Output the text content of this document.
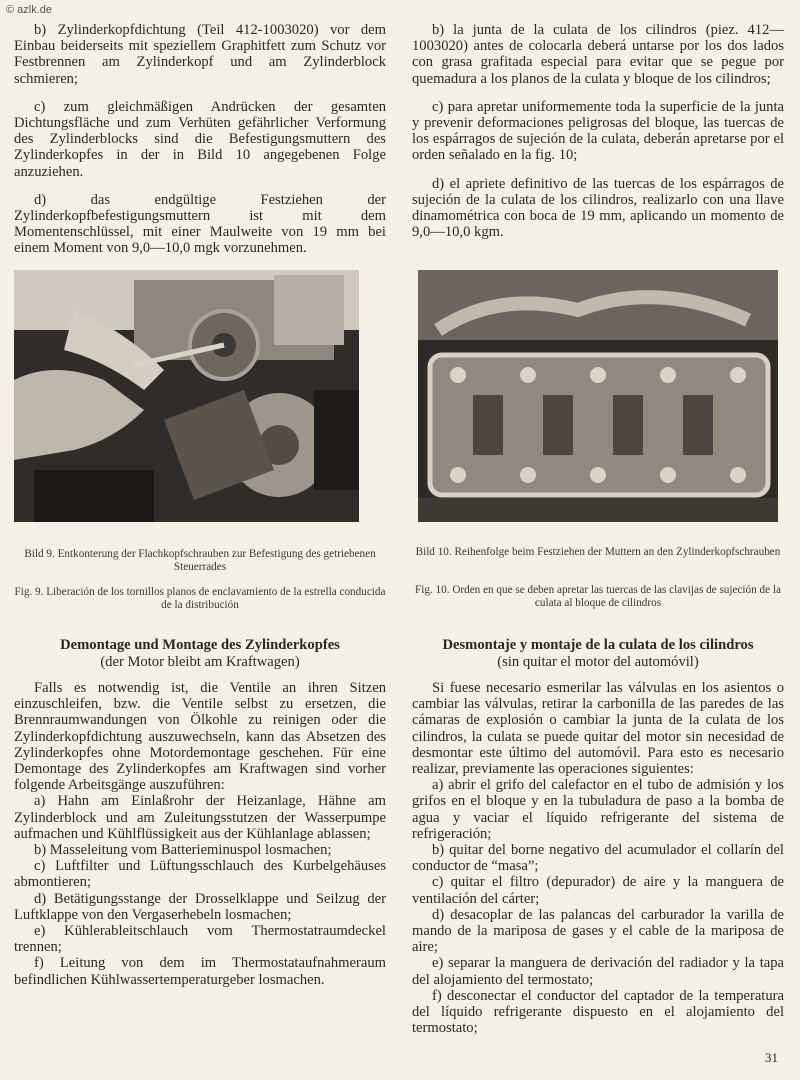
© azlk.de

b) Zylinderkopfdichtung (Teil 412-1003020) vor dem Einbau beiderseits mit speziellem Graphitfett zum Schutz vor Festbrennen am Zylinderkopf und am Zylinderblock schmieren;

c) zum gleichmäßigen Andrücken der gesamten Dichtungsfläche und zum Verhüten gefährlicher Verformung des Zylinderblocks sind die Befestigungsmuttern des Zylinderkopfes in der in Bild 10 angegebenen Folge anzuziehen.

d) das endgültige Festziehen der Zylinderkopfbefestigungsmuttern ist mit dem Momentenschlüssel, mit einer Maulweite von 19 mm bei einem Moment von 9,0—10,0 mgk vorzunehmen.

b) la junta de la culata de los cilindros (piez. 412—1003020) antes de colocarla deberá untarse por los dos lados con grasa grafitada especial para evitar que se pegue por quemadura a los planos de la culata y bloque de los cilindros;

c) para apretar uniformemente toda la superficie de la junta y prevenir deformaciones peligrosas del bloque, las tuercas de los espárragos de sujeción de la culata, deberán apretarse por el orden señalado en la fig. 10;

d) el apriete definitivo de las tuercas de los espárragos de sujeción de la culata de los cilindros, realizarlo con una llave dinamométrica con boca de 19 mm, aplicando un momento de 9,0—10,0 kgm.

Bild 9. Entkonterung der Flachkopfschrauben zur Befestigung des getriebenen Steuerrades
Fig. 9. Liberación de los tornillos planos de enclavamiento de la estrella conducida de la distribución
Bild 10. Reihenfolge beim Festziehen der Muttern an den Zylinderkopfschrauben
Fig. 10. Orden en que se deben apretar las tuercas de las clavijas de sujeción de la culata al bloque de cilindros
Demontage und Montage des Zylinderkopfes
(der Motor bleibt am Kraftwagen)
Desmontaje y montaje de la culata de los cilindros
(sin quitar el motor del automóvil)

Falls es notwendig ist, die Ventile an ihren Sitzen einzuschleifen, bzw. die Ventile selbst zu ersetzen, die Brennraumwandungen von Ölkohle zu reinigen oder die Zylinderkopfdichtung auszuwechseln, kann das Absetzen des Zylinderkopfes ohne Motordemontage geschehen. Für eine Demontage des Zylinderkopfes am Kraftwagen sind vorher folgende Arbeitsgänge auszuführen:

a) Hahn am Einlaßrohr der Heizanlage, Hähne am Zylinderblock und am Zuleitungsstutzen der Wasserpumpe aufmachen und Kühlflüssigkeit aus der Kühlanlage ablassen;

b) Masseleitung vom Batterieminuspol losmachen;

c) Luftfilter und Lüftungsschlauch des Kurbelgehäuses abmontieren;

d) Betätigungsstange der Drosselklappe und Seilzug der Luftklappe von den Vergaserhebeln losmachen;

e) Kühlerableitschlauch vom Thermostatraumdeckel trennen;

f) Leitung von dem im Thermostataufnahmeraum befindlichen Kühlwassertemperaturgeber losmachen.

Si fuese necesario esmerilar las válvulas en los asientos o cambiar las válvulas, retirar la carbonilla de las paredes de las cámaras de explosión o cambiar la junta de la culata de los cilindros, la culata se puede quitar del motor sin necesidad de desmontar este último del automóvil. Para esto es necesario realizar, previamente las operaciones siguientes:

a) abrir el grifo del calefactor en el tubo de admisión y los grifos en el bloque y en la tubuladura de paso a la bomba de agua y vaciar el líquido refrigerante del sistema de refrigeración;

b) quitar del borne negativo del acumulador el collarín del conductor de “masa”;

c) quitar el filtro (depurador) de aire y la manguera de ventilación del cárter;

d) desacoplar de las palancas del carburador la varilla de mando de la mariposa de gases y el cable de la mariposa de aire;

e) separar la manguera de derivación del radiador y la tapa del alojamiento del termostato;

f) desconectar el conductor del captador de la temperatura del líquido refrigerante dispuesto en el alojamiento del termostato;

31
